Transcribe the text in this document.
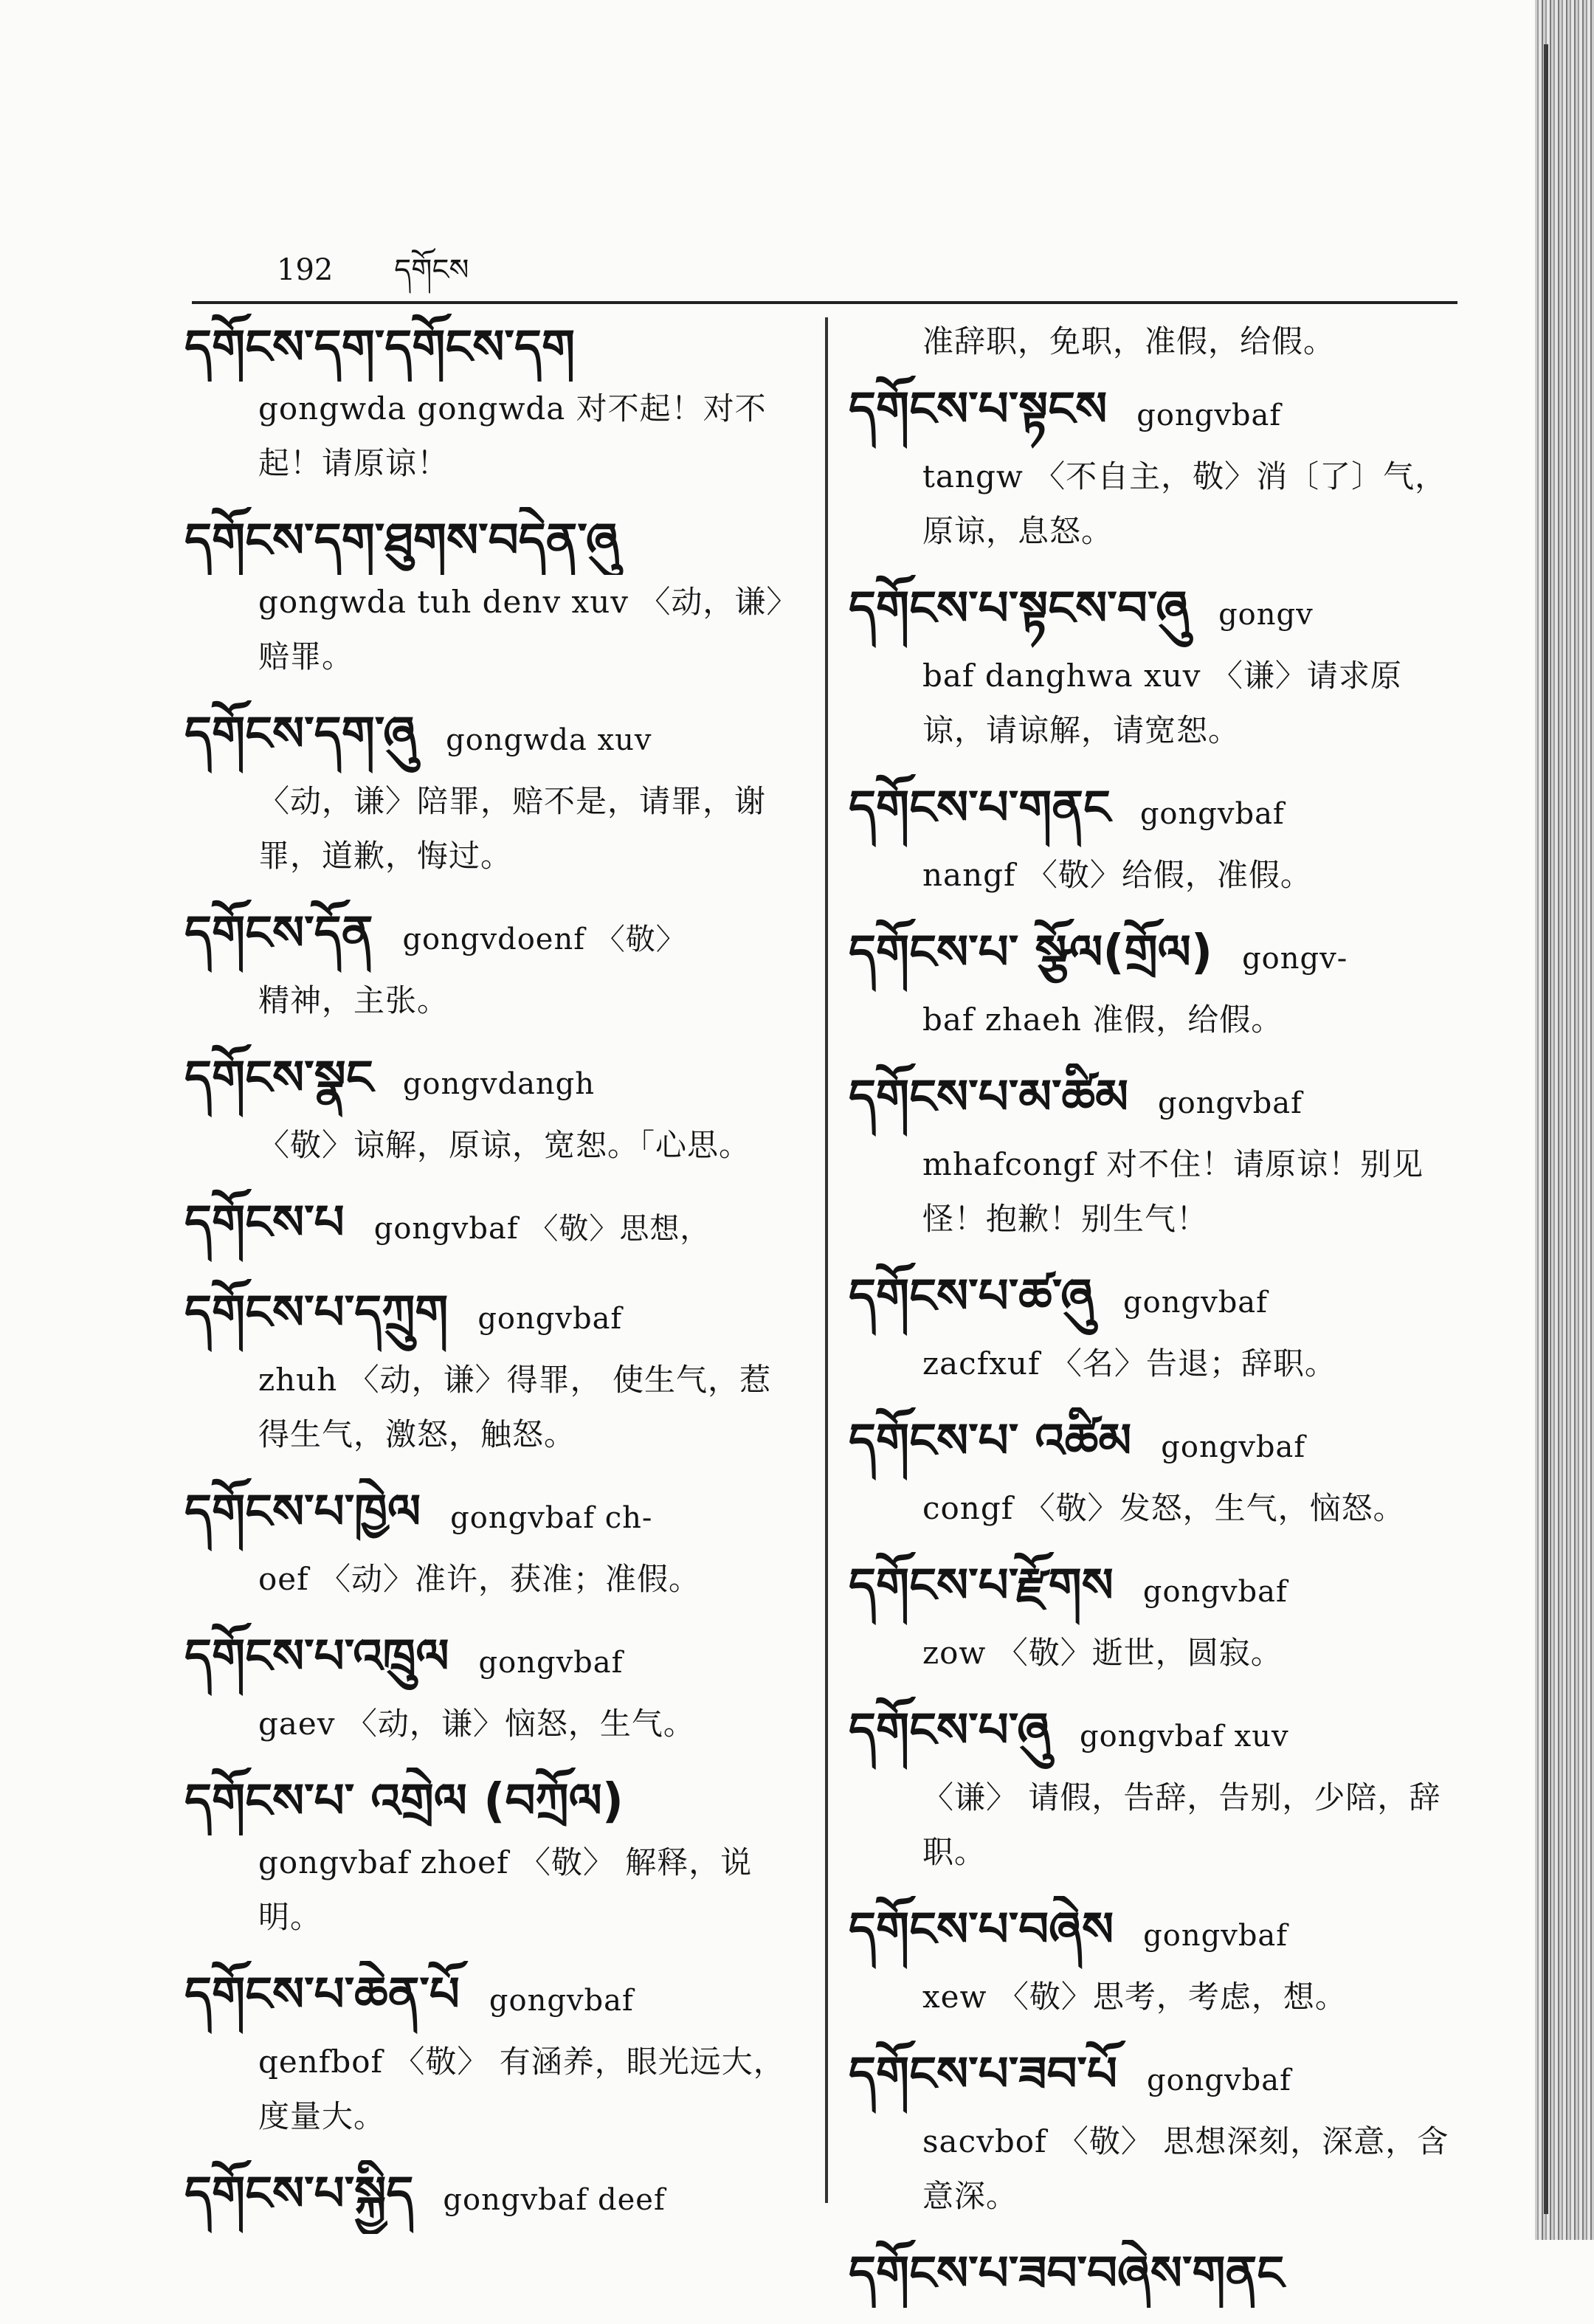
192 དགོངས
དགོངས་དག་དགོངས་དག
gongwda gongwda 对不起！对不起！请原谅！
དགོངས་དག་ཐུགས་བདེན་ཞུ
gongwda tuh denv xuv 〈动，谦〉赔罪。
དགོངས་དག་ཞུ gongwda xuv
〈动，谦〉陪罪，赔不是，请罪，谢罪，道歉，悔过。
དགོངས་དོན gongvdoenf 〈敬〉
精神，主张。
དགོངས་སྣང gongvdangh
〈敬〉谅解，原谅，宽恕。「心思。
དགོངས་པ gongvbaf 〈敬〉思想，
དགོངས་པ་དཀྲུག gongvbaf
zhuh 〈动，谦〉得罪， 使生气，惹得生气，激怒，触怒。
དགོངས་པ་ཁྱེལ gongvbaf ch-
oef 〈动〉准许，获准；准假。
དགོངས་པ་འཁྲུལ gongvbaf
gaev 〈动，谦〉恼怒，生气。
དགོངས་པ་ འགྲེལ (བཀྲོལ)
gongvbaf zhoef 〈敬〉 解释，说明。
དགོངས་པ་ཆེན་པོ gongvbaf
qenfbof 〈敬〉 有涵养，眼光远大，度量大。
དགོངས་པ་སྐྱིད gongvbaf deef
准辞职，免职，准假，给假。
དགོངས་པ་སྟངས gongvbaf
tangw 〈不自主，敬〉消〔了〕气，原谅，息怒。
དགོངས་པ་སྟངས་བ་ཞུ gongv
baf danghwa xuv 〈谦〉请求原谅，请谅解，请宽恕。
དགོངས་པ་གནང gongvbaf
nangf 〈敬〉给假，准假。
དགོངས་པ་ སྩོལ(གྲོལ) gongv-
baf zhaeh 准假，给假。
དགོངས་པ་མ་ཚིམ gongvbaf
mhafcongf 对不住！请原谅！别见怪！抱歉！别生气！
དགོངས་པ་ཚ་ཞུ gongvbaf
zacfxuf 〈名〉告退；辞职。
དགོངས་པ་ འཚིམ gongvbaf
congf 〈敬〉发怒，生气，恼怒。
དགོངས་པ་རྫོགས gongvbaf
zow 〈敬〉逝世，圆寂。
དགོངས་པ་ཞུ gongvbaf xuv
〈谦〉 请假，告辞，告别，少陪，辞职。
དགོངས་པ་བཞེས gongvbaf
xew 〈敬〉思考，考虑，想。
དགོངས་པ་ཟབ་པོ gongvbaf
sacvbof 〈敬〉 思想深刻，深意，含意深。
དགོངས་པ་ཟབ་བཞེས་གནང
